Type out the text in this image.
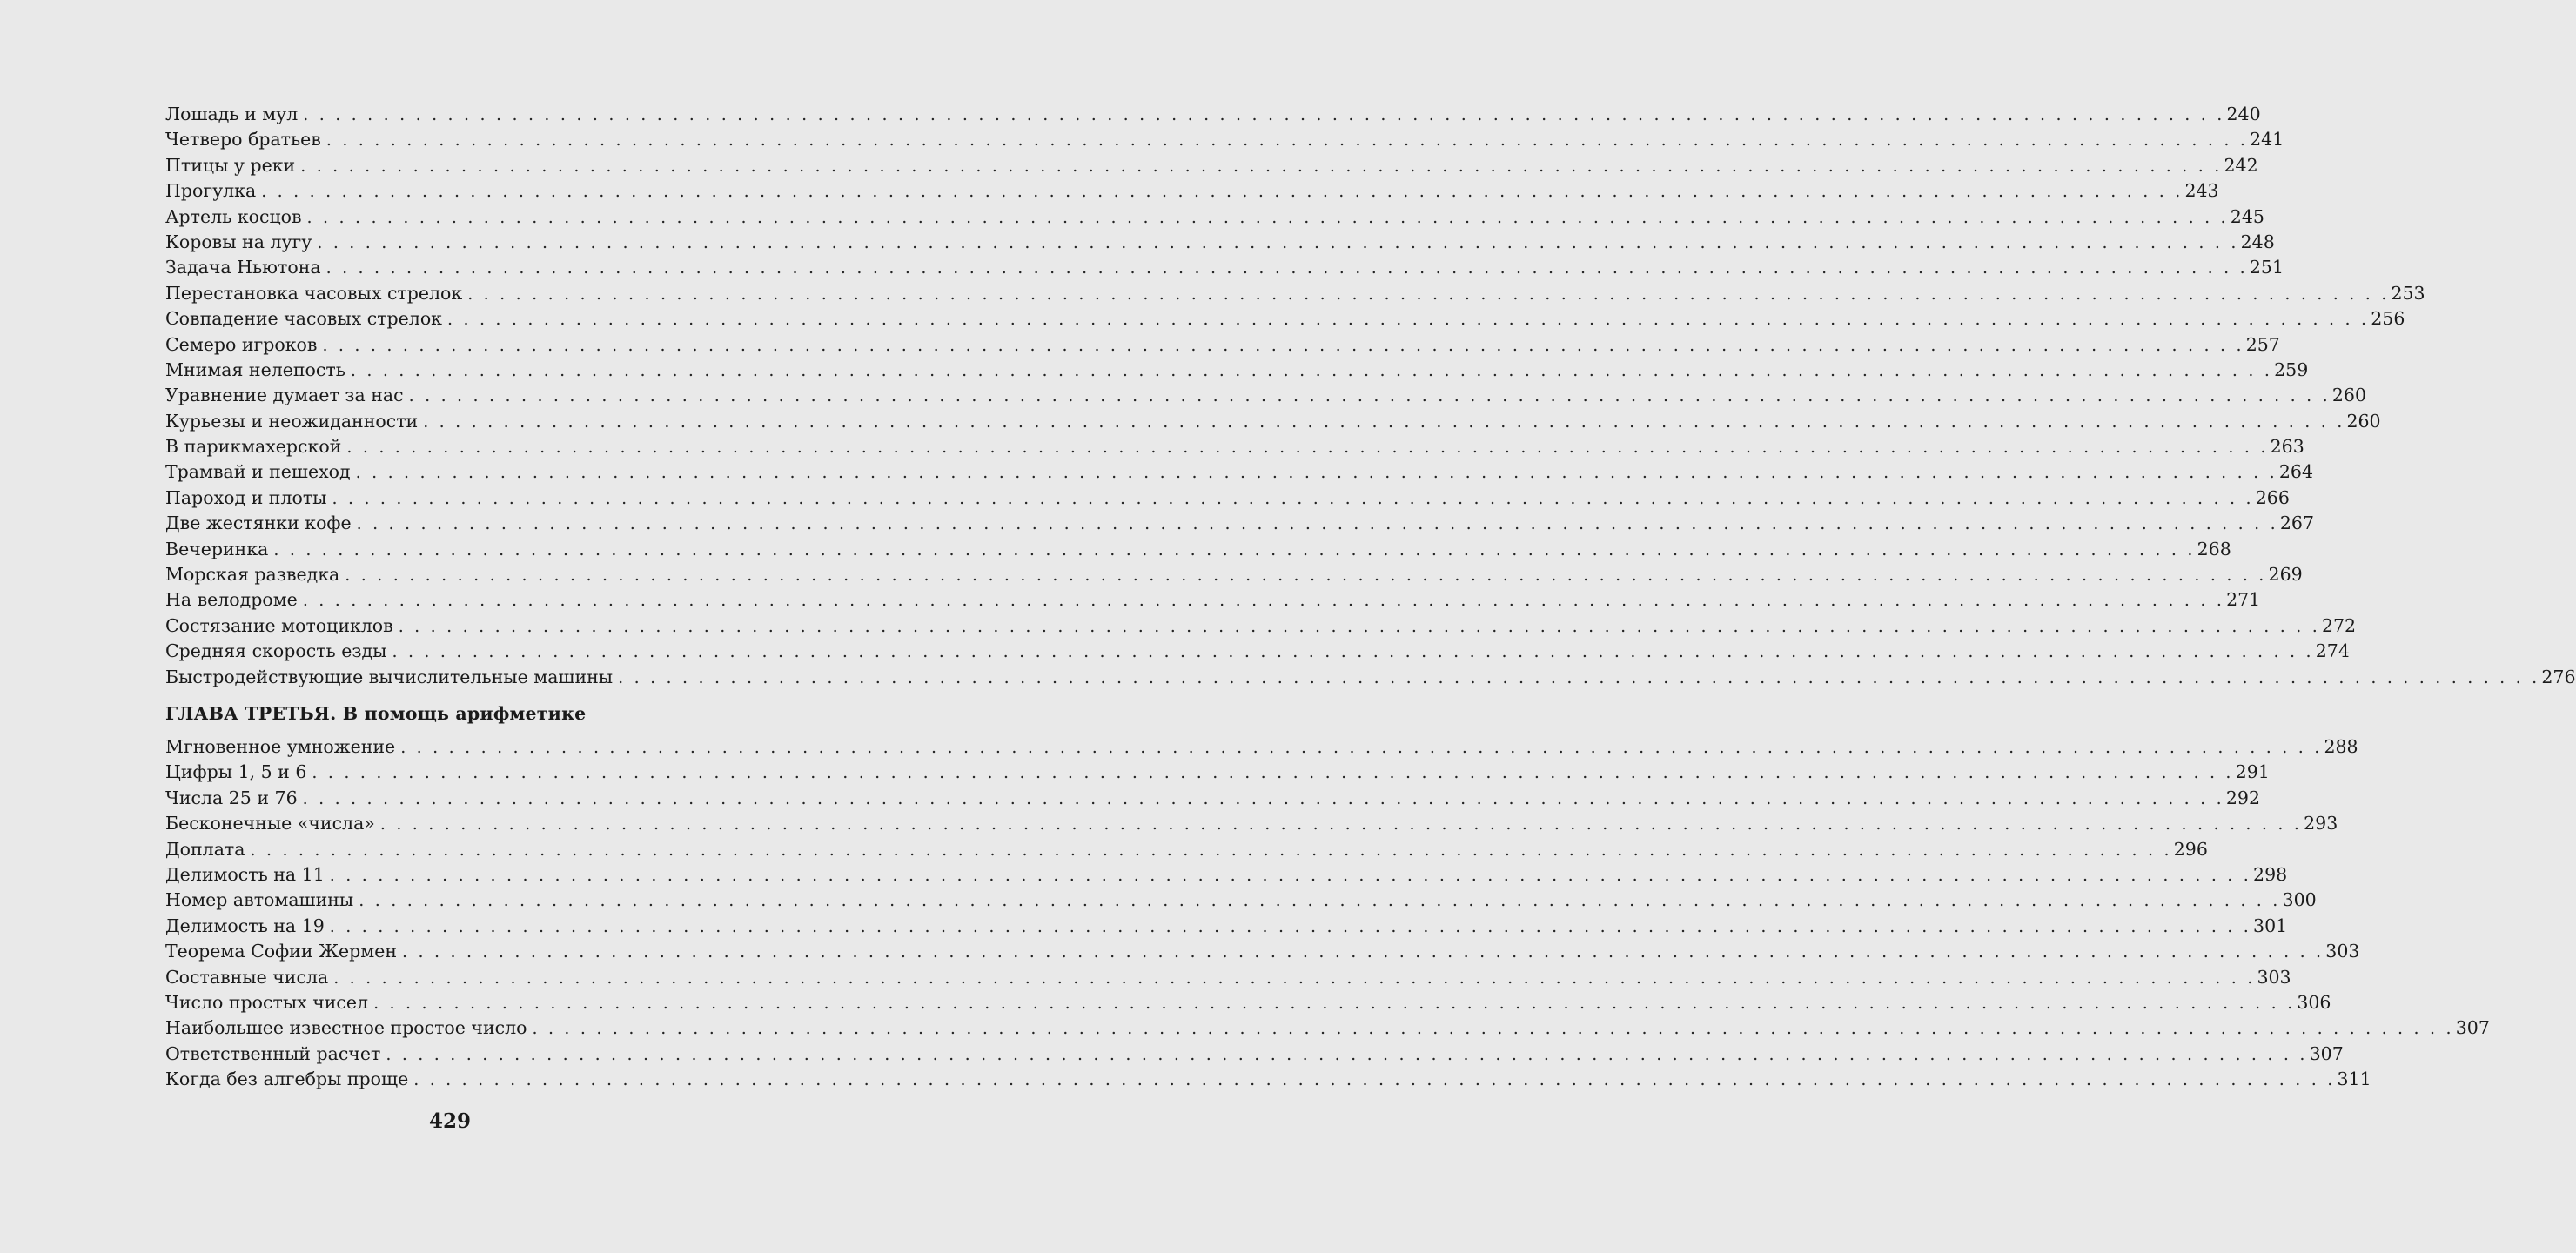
Лошадь и мул . . . . . . . . . . . . . . . . . . . . . . . . . . . . . . . . . . . . . . . . . . . . . . . . . . . . . . . . . . . . . . . . . . . . . . . . . . . . . . . . . . . . . . . . . . . . . . . . . . . . . . . . . . . . . . . . . . . . . . . . 240
Четверо братьев . . . . . . . . . . . . . . . . . . . . . . . . . . . . . . . . . . . . . . . . . . . . . . . . . . . . . . . . . . . . . . . . . . . . . . . . . . . . . . . . . . . . . . . . . . . . . . . . . . . . . . . . . . . . . . . . . . . . . . . . 241
Птицы у реки . . . . . . . . . . . . . . . . . . . . . . . . . . . . . . . . . . . . . . . . . . . . . . . . . . . . . . . . . . . . . . . . . . . . . . . . . . . . . . . . . . . . . . . . . . . . . . . . . . . . . . . . . . . . . . . . . . . . . . . . 242
Прогулка . . . . . . . . . . . . . . . . . . . . . . . . . . . . . . . . . . . . . . . . . . . . . . . . . . . . . . . . . . . . . . . . . . . . . . . . . . . . . . . . . . . . . . . . . . . . . . . . . . . . . . . . . . . . . . . . . . . . . . . . 243
Артель косцов . . . . . . . . . . . . . . . . . . . . . . . . . . . . . . . . . . . . . . . . . . . . . . . . . . . . . . . . . . . . . . . . . . . . . . . . . . . . . . . . . . . . . . . . . . . . . . . . . . . . . . . . . . . . . . . . . . . . . . . . 245
Коровы на лугу . . . . . . . . . . . . . . . . . . . . . . . . . . . . . . . . . . . . . . . . . . . . . . . . . . . . . . . . . . . . . . . . . . . . . . . . . . . . . . . . . . . . . . . . . . . . . . . . . . . . . . . . . . . . . . . . . . . . . . . . 248
Задача Ньютона . . . . . . . . . . . . . . . . . . . . . . . . . . . . . . . . . . . . . . . . . . . . . . . . . . . . . . . . . . . . . . . . . . . . . . . . . . . . . . . . . . . . . . . . . . . . . . . . . . . . . . . . . . . . . . . . . . . . . . . . 251
Перестановка часовых стрелок . . . . . . . . . . . . . . . . . . . . . . . . . . . . . . . . . . . . . . . . . . . . . . . . . . . . . . . . . . . . . . . . . . . . . . . . . . . . . . . . . . . . . . . . . . . . . . . . . . . . . . . . . . . . . . . . . . . . . . . . 253
Совпадение часовых стрелок . . . . . . . . . . . . . . . . . . . . . . . . . . . . . . . . . . . . . . . . . . . . . . . . . . . . . . . . . . . . . . . . . . . . . . . . . . . . . . . . . . . . . . . . . . . . . . . . . . . . . . . . . . . . . . . . . . . . . . . . 256
Семеро игроков . . . . . . . . . . . . . . . . . . . . . . . . . . . . . . . . . . . . . . . . . . . . . . . . . . . . . . . . . . . . . . . . . . . . . . . . . . . . . . . . . . . . . . . . . . . . . . . . . . . . . . . . . . . . . . . . . . . . . . . . 257
Мнимая нелепость . . . . . . . . . . . . . . . . . . . . . . . . . . . . . . . . . . . . . . . . . . . . . . . . . . . . . . . . . . . . . . . . . . . . . . . . . . . . . . . . . . . . . . . . . . . . . . . . . . . . . . . . . . . . . . . . . . . . . . . . 259
Уравнение думает за нас . . . . . . . . . . . . . . . . . . . . . . . . . . . . . . . . . . . . . . . . . . . . . . . . . . . . . . . . . . . . . . . . . . . . . . . . . . . . . . . . . . . . . . . . . . . . . . . . . . . . . . . . . . . . . . . . . . . . . . . . 260
Курьезы и неожиданности . . . . . . . . . . . . . . . . . . . . . . . . . . . . . . . . . . . . . . . . . . . . . . . . . . . . . . . . . . . . . . . . . . . . . . . . . . . . . . . . . . . . . . . . . . . . . . . . . . . . . . . . . . . . . . . . . . . . . . . . 260
В парикмахерской . . . . . . . . . . . . . . . . . . . . . . . . . . . . . . . . . . . . . . . . . . . . . . . . . . . . . . . . . . . . . . . . . . . . . . . . . . . . . . . . . . . . . . . . . . . . . . . . . . . . . . . . . . . . . . . . . . . . . . . . 263
Трамвай и пешеход . . . . . . . . . . . . . . . . . . . . . . . . . . . . . . . . . . . . . . . . . . . . . . . . . . . . . . . . . . . . . . . . . . . . . . . . . . . . . . . . . . . . . . . . . . . . . . . . . . . . . . . . . . . . . . . . . . . . . . . . 264
Пароход и плоты . . . . . . . . . . . . . . . . . . . . . . . . . . . . . . . . . . . . . . . . . . . . . . . . . . . . . . . . . . . . . . . . . . . . . . . . . . . . . . . . . . . . . . . . . . . . . . . . . . . . . . . . . . . . . . . . . . . . . . . . 266
Две жестянки кофе . . . . . . . . . . . . . . . . . . . . . . . . . . . . . . . . . . . . . . . . . . . . . . . . . . . . . . . . . . . . . . . . . . . . . . . . . . . . . . . . . . . . . . . . . . . . . . . . . . . . . . . . . . . . . . . . . . . . . . . . 267
Вечеринка . . . . . . . . . . . . . . . . . . . . . . . . . . . . . . . . . . . . . . . . . . . . . . . . . . . . . . . . . . . . . . . . . . . . . . . . . . . . . . . . . . . . . . . . . . . . . . . . . . . . . . . . . . . . . . . . . . . . . . . . 268
Морская разведка . . . . . . . . . . . . . . . . . . . . . . . . . . . . . . . . . . . . . . . . . . . . . . . . . . . . . . . . . . . . . . . . . . . . . . . . . . . . . . . . . . . . . . . . . . . . . . . . . . . . . . . . . . . . . . . . . . . . . . . . 269
На велодроме . . . . . . . . . . . . . . . . . . . . . . . . . . . . . . . . . . . . . . . . . . . . . . . . . . . . . . . . . . . . . . . . . . . . . . . . . . . . . . . . . . . . . . . . . . . . . . . . . . . . . . . . . . . . . . . . . . . . . . . . 271
Состязание мотоциклов . . . . . . . . . . . . . . . . . . . . . . . . . . . . . . . . . . . . . . . . . . . . . . . . . . . . . . . . . . . . . . . . . . . . . . . . . . . . . . . . . . . . . . . . . . . . . . . . . . . . . . . . . . . . . . . . . . . . . . . . 272
Средняя скорость езды . . . . . . . . . . . . . . . . . . . . . . . . . . . . . . . . . . . . . . . . . . . . . . . . . . . . . . . . . . . . . . . . . . . . . . . . . . . . . . . . . . . . . . . . . . . . . . . . . . . . . . . . . . . . . . . . . . . . . . . . 274
Быстродействующие вычислительные машины . . . . . . . . . . . . . . . . . . . . . . . . . . . . . . . . . . . . . . . . . . . . . . . . . . . . . . . . . . . . . . . . . . . . . . . . . . . . . . . . . . . . . . . . . . . . . . . . . . . . . . . . . . . . . . . . . . . . . . . . 276
ГЛАВА ТРЕТЬЯ. В помощь арифметике
Мгновенное умножение . . . . . . . . . . . . . . . . . . . . . . . . . . . . . . . . . . . . . . . . . . . . . . . . . . . . . . . . . . . . . . . . . . . . . . . . . . . . . . . . . . . . . . . . . . . . . . . . . . . . . . . . . . . . . . . . . . . . . . . . 288
Цифры 1, 5 и 6 . . . . . . . . . . . . . . . . . . . . . . . . . . . . . . . . . . . . . . . . . . . . . . . . . . . . . . . . . . . . . . . . . . . . . . . . . . . . . . . . . . . . . . . . . . . . . . . . . . . . . . . . . . . . . . . . . . . . . . . . 291
Числа 25 и 76 . . . . . . . . . . . . . . . . . . . . . . . . . . . . . . . . . . . . . . . . . . . . . . . . . . . . . . . . . . . . . . . . . . . . . . . . . . . . . . . . . . . . . . . . . . . . . . . . . . . . . . . . . . . . . . . . . . . . . . . . 292
Бесконечные «числа» . . . . . . . . . . . . . . . . . . . . . . . . . . . . . . . . . . . . . . . . . . . . . . . . . . . . . . . . . . . . . . . . . . . . . . . . . . . . . . . . . . . . . . . . . . . . . . . . . . . . . . . . . . . . . . . . . . . . . . . . 293
Доплата . . . . . . . . . . . . . . . . . . . . . . . . . . . . . . . . . . . . . . . . . . . . . . . . . . . . . . . . . . . . . . . . . . . . . . . . . . . . . . . . . . . . . . . . . . . . . . . . . . . . . . . . . . . . . . . . . . . . . . . . 296
Делимость на 11 . . . . . . . . . . . . . . . . . . . . . . . . . . . . . . . . . . . . . . . . . . . . . . . . . . . . . . . . . . . . . . . . . . . . . . . . . . . . . . . . . . . . . . . . . . . . . . . . . . . . . . . . . . . . . . . . . . . . . . . . 298
Номер автомашины . . . . . . . . . . . . . . . . . . . . . . . . . . . . . . . . . . . . . . . . . . . . . . . . . . . . . . . . . . . . . . . . . . . . . . . . . . . . . . . . . . . . . . . . . . . . . . . . . . . . . . . . . . . . . . . . . . . . . . . . 300
Делимость на 19 . . . . . . . . . . . . . . . . . . . . . . . . . . . . . . . . . . . . . . . . . . . . . . . . . . . . . . . . . . . . . . . . . . . . . . . . . . . . . . . . . . . . . . . . . . . . . . . . . . . . . . . . . . . . . . . . . . . . . . . . 301
Теорема Софии Жермен . . . . . . . . . . . . . . . . . . . . . . . . . . . . . . . . . . . . . . . . . . . . . . . . . . . . . . . . . . . . . . . . . . . . . . . . . . . . . . . . . . . . . . . . . . . . . . . . . . . . . . . . . . . . . . . . . . . . . . . . 303
Составные числа . . . . . . . . . . . . . . . . . . . . . . . . . . . . . . . . . . . . . . . . . . . . . . . . . . . . . . . . . . . . . . . . . . . . . . . . . . . . . . . . . . . . . . . . . . . . . . . . . . . . . . . . . . . . . . . . . . . . . . . . 303
Число простых чисел . . . . . . . . . . . . . . . . . . . . . . . . . . . . . . . . . . . . . . . . . . . . . . . . . . . . . . . . . . . . . . . . . . . . . . . . . . . . . . . . . . . . . . . . . . . . . . . . . . . . . . . . . . . . . . . . . . . . . . . . 306
Наибольшее известное простое число . . . . . . . . . . . . . . . . . . . . . . . . . . . . . . . . . . . . . . . . . . . . . . . . . . . . . . . . . . . . . . . . . . . . . . . . . . . . . . . . . . . . . . . . . . . . . . . . . . . . . . . . . . . . . . . . . . . . . . . . 307
Ответственный расчет . . . . . . . . . . . . . . . . . . . . . . . . . . . . . . . . . . . . . . . . . . . . . . . . . . . . . . . . . . . . . . . . . . . . . . . . . . . . . . . . . . . . . . . . . . . . . . . . . . . . . . . . . . . . . . . . . . . . . . . . 307
Когда без алгебры проще . . . . . . . . . . . . . . . . . . . . . . . . . . . . . . . . . . . . . . . . . . . . . . . . . . . . . . . . . . . . . . . . . . . . . . . . . . . . . . . . . . . . . . . . . . . . . . . . . . . . . . . . . . . . . . . . . . . . . . . . 311
429
